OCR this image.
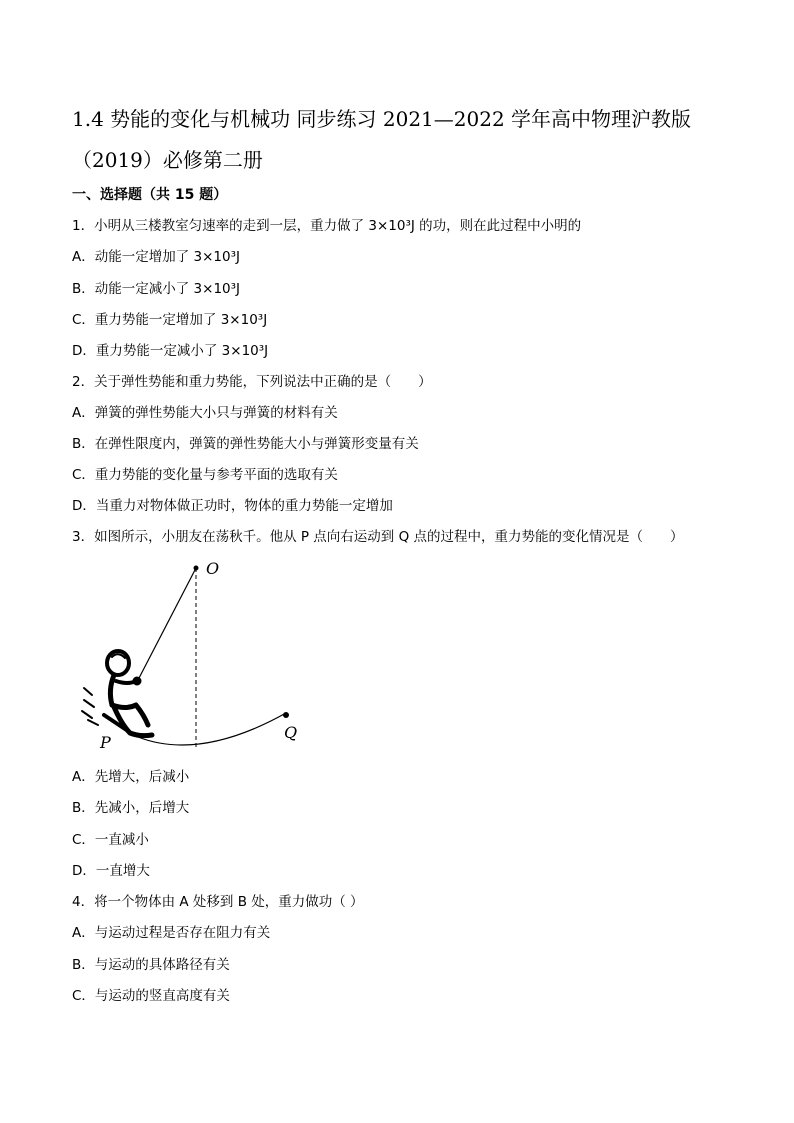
1.4 势能的变化与机械功 同步练习 2021—2022 学年高中物理沪教版
（2019）必修第二册
一、选择题（共 15 题）
1．小明从三楼教室匀速率的走到一层，重力做了 3×10³J 的功，则在此过程中小明的
A．动能一定增加了 3×10³J
B．动能一定减小了 3×10³J
C．重力势能一定增加了 3×10³J
D．重力势能一定减小了 3×10³J
2．关于弹性势能和重力势能，下列说法中正确的是（　　）
A．弹簧的弹性势能大小只与弹簧的材料有关
B．在弹性限度内，弹簧的弹性势能大小与弹簧形变量有关
C．重力势能的变化量与参考平面的选取有关
D．当重力对物体做正功时，物体的重力势能一定增加
3．如图所示，小朋友在荡秋千。他从 P 点向右运动到 Q 点的过程中，重力势能的变化情况是（　　）
O
P
Q
A．先增大，后减小
B．先减小，后增大
C．一直减小
D．一直增大
4．将一个物体由 A 处移到 B 处，重力做功（ ）
A．与运动过程是否存在阻力有关
B．与运动的具体路径有关
C．与运动的竖直高度有关
